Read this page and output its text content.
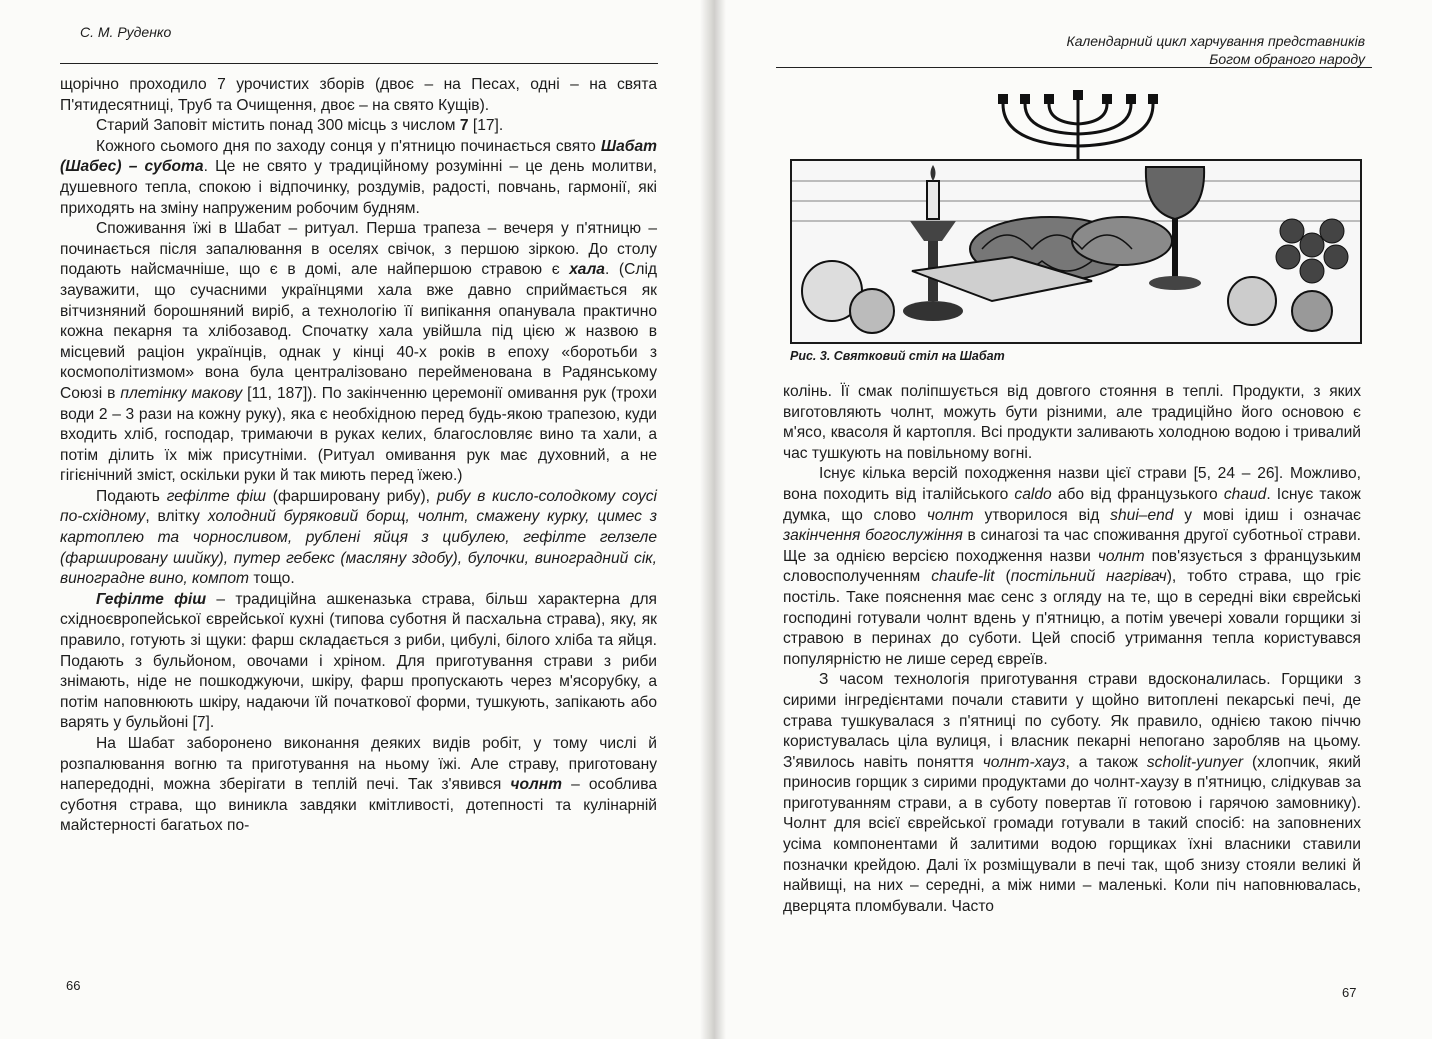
С. М. Руденко

щорічно проходило 7 урочистих зборів (двоє – на Песах, одні – на свята П'ятидесятниці, Труб та Очищення, двоє – на свято Кущів).

Старий Заповіт містить понад 300 місць з числом 7 [17].

Кожного сьомого дня по заходу сонця у п'ятницю починається свято Шабат (Шабес) – субота. Це не свято у традиційному розумінні – це день молитви, душевного тепла, спокою і відпочинку, роздумів, радості, повчань, гармонії, які приходять на зміну напруженим робочим будням.

Споживання їжі в Шабат – ритуал. Перша трапеза – вечеря у п'ятницю – починається після запалювання в оселях свічок, з першою зіркою. До столу подають найсмачніше, що є в домі, але найпершою стравою є хала. (Слід зауважити, що сучасними українцями хала вже давно сприймається як вітчизняний борошняний виріб, а технологію її випікання опанувала практично кожна пекарня та хлібозавод. Спочатку хала увійшла під цією ж назвою в місцевий раціон українців, однак у кінці 40-х років в епоху «боротьби з космополітизмом» вона була централізовано перейменована в Радянському Союзі в плетінку макову [11, 187]). По закінченню церемонії омивання рук (трохи води 2 – 3 рази на кожну руку), яка є необхідною перед будь-якою трапезою, куди входить хліб, господар, тримаючи в руках келих, благословляє вино та хали, а потім ділить їх між присутніми. (Ритуал омивання рук має духовний, а не гігієнічний зміст, оскільки руки й так миють перед їжею.)

Подають гефілте фіш (фаршировану рибу), рибу в кисло-солодкому соусі по-східному, влітку холодний буряковий борщ, чолнт, смажену курку, цимес з картоплею та чорносливом, рублені яйця з цибулею, гефілте гелзеле (фаршировану шийку), путер гебекс (масляну здобу), булочки, виноградний сік, виноградне вино, компот тощо.

Гефілте фіш – традиційна ашкеназька страва, більш характерна для східноєвропейської єврейської кухні (типова суботня й пасхальна страва), яку, як правило, готують зі щуки: фарш складається з риби, цибулі, білого хліба та яйця. Подають з бульйоном, овочами і хріном. Для приготування страви з риби знімають, ніде не пошкоджуючи, шкіру, фарш пропускають через м'ясорубку, а потім наповнюють шкіру, надаючи їй початкової форми, тушкують, запікають або варять у бульйоні [7].

На Шабат заборонено виконання деяких видів робіт, у тому числі й розпалювання вогню та приготування на ньому їжі. Але страву, приготовану напередодні, можна зберігати в теплій печі. Так з'явився чолнт – особлива суботня страва, що виникла завдяки кмітливості, дотепності та кулінарній майстерності багатьох по-

66
Календарний цикл харчування представників
Богом обраного народу
Рис. 3. Святковий стіл на Шабат

колінь. Її смак поліпшується від довгого стояння в теплі. Продукти, з яких виготовляють чолнт, можуть бути різними, але традиційно його основою є м'ясо, квасоля й картопля. Всі продукти заливають холодною водою і тривалий час тушкують на повільному вогні.

Існує кілька версій походження назви цієї страви [5, 24 – 26]. Можливо, вона походить від італійського caldo або від французького chaud. Існує також думка, що слово чолнт утворилося від shui–end у мові ідиш і означає закінчення богослужіння в синагозі та час споживання другої суботньої страви. Ще за однією версією походження назви чолнт пов'язується з французьким словосполученням chaufe-lit (постільний нагрівач), тобто страва, що гріє постіль. Таке пояснення має сенс з огляду на те, що в середні віки єврейські господині готували чолнт вдень у п'ятницю, а потім увечері ховали горщики зі стравою в перинах до суботи. Цей спосіб утримання тепла користувався популярністю не лише серед євреїв.

З часом технологія приготування страви вдосконалилась. Горщики з сирими інгредієнтами почали ставити у щойно витоплені пекарські печі, де страва тушкувалася з п'ятниці по суботу. Як правило, однією такою піччю користувалась ціла вулиця, і власник пекарні непогано заробляв на цьому. З'явилось навіть поняття чолнт-хауз, а також scholit-yunyer (хлопчик, який приносив горщик з сирими продуктами до чолнт-хаузу в п'ятницю, слідкував за приготуванням страви, а в суботу повертав її готовою і гарячою замовнику). Чолнт для всієї єврейської громади готували в такий спосіб: на заповнених усіма компонентами й залитими водою горщиках їхні власники ставили позначки крейдою. Далі їх розміщували в печі так, щоб знизу стояли великі й найвищі, на них – середні, а між ними – маленькі. Коли піч наповнювалась, дверцята пломбували. Часто

67
